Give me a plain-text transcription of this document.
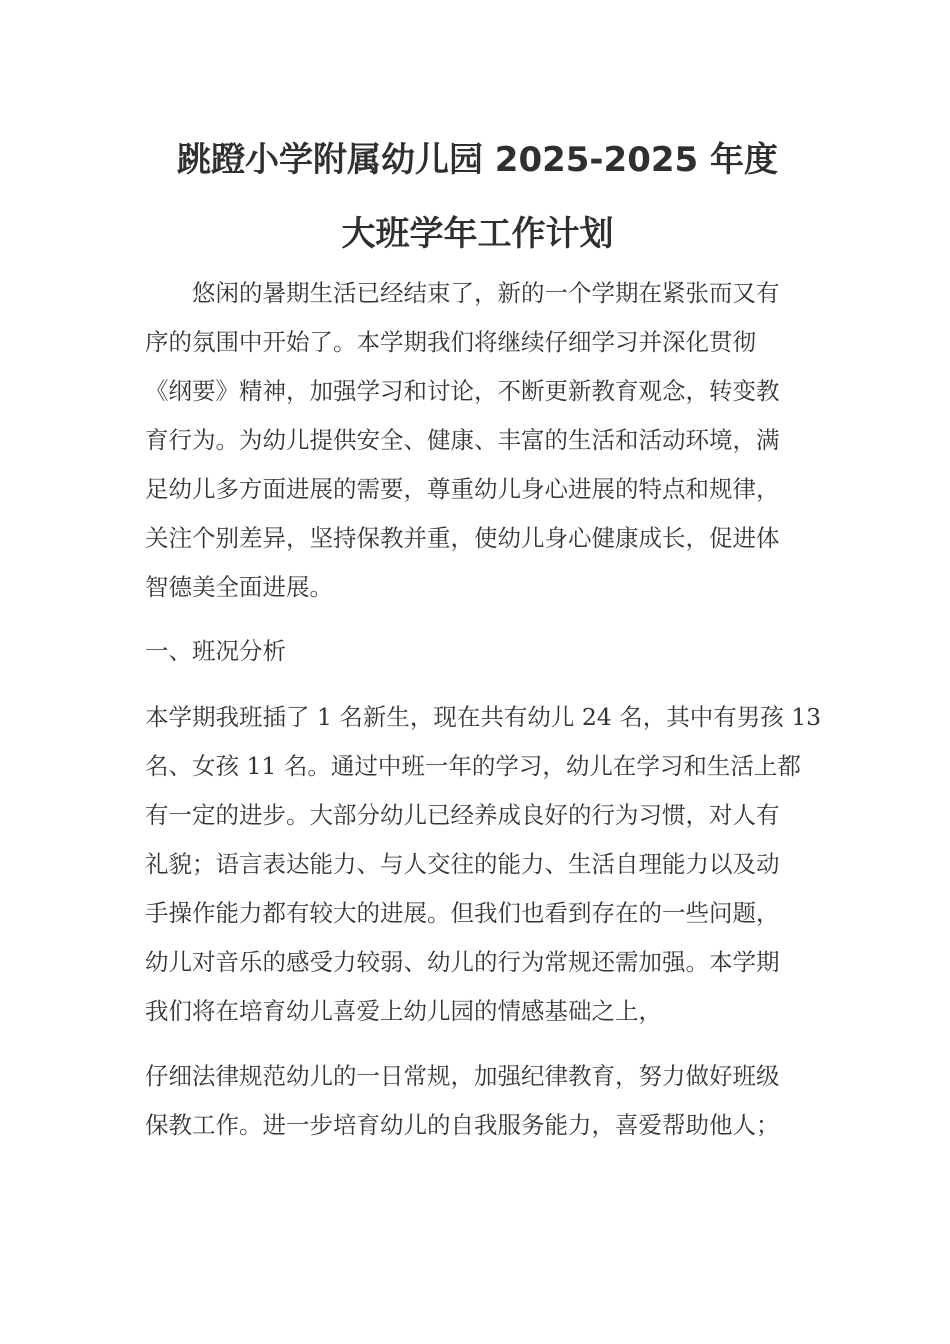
跳蹬小学附属幼儿园 2025-2025 年度
大班学年工作计划

　　悠闲的暑期生活已经结束了，新的一个学期在紧张而又有
序的氛围中开始了。本学期我们将继续仔细学习并深化贯彻
《纲要》精神，加强学习和讨论，不断更新教育观念，转变教
育行为。为幼儿提供安全、健康、丰富的生活和活动环境，满
足幼儿多方面进展的需要，尊重幼儿身心进展的特点和规律，
关注个别差异，坚持保教并重，使幼儿身心健康成长，促进体
智德美全面进展。

一、班况分析

本学期我班插了 1 名新生，现在共有幼儿 24 名，其中有男孩 13
名、女孩 11 名。通过中班一年的学习，幼儿在学习和生活上都
有一定的进步。大部分幼儿已经养成良好的行为习惯，对人有
礼貌；语言表达能力、与人交往的能力、生活自理能力以及动
手操作能力都有较大的进展。但我们也看到存在的一些问题，
幼儿对音乐的感受力较弱、幼儿的行为常规还需加强。本学期
我们将在培育幼儿喜爱上幼儿园的情感基础之上，

仔细法律规范幼儿的一日常规，加强纪律教育，努力做好班级
保教工作。进一步培育幼儿的自我服务能力，喜爱帮助他人；
